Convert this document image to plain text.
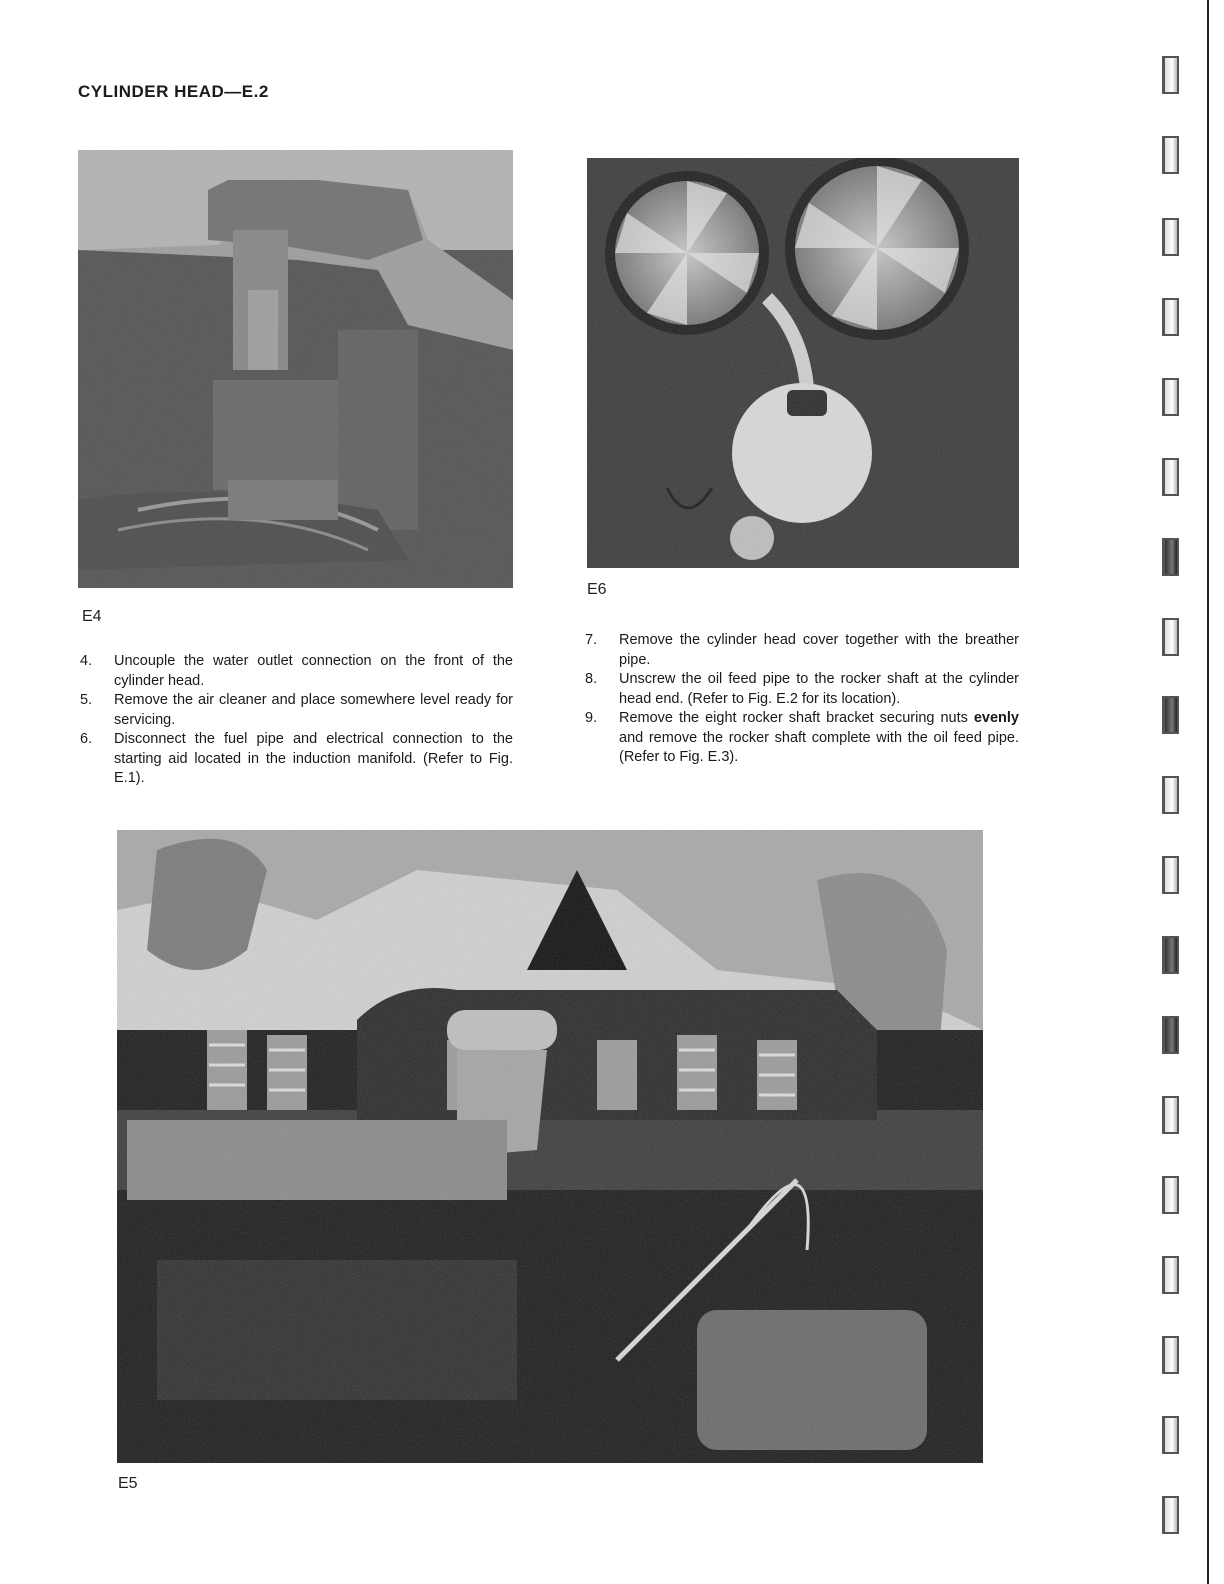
CYLINDER HEAD—E.2
E4
E6
4. Uncouple the water outlet connection on the front of the cylinder head.
5. Remove the air cleaner and place somewhere level ready for servicing.
6. Disconnect the fuel pipe and electrical connection to the starting aid located in the induction manifold. (Refer to Fig. E.1).
7. Remove the cylinder head cover together with the breather pipe.
8. Unscrew the oil feed pipe to the rocker shaft at the cylinder head end. (Refer to Fig. E.2 for its location).
9. Remove the eight rocker shaft bracket securing nuts evenly and remove the rocker shaft complete with the oil feed pipe. (Refer to Fig. E.3).
E5
